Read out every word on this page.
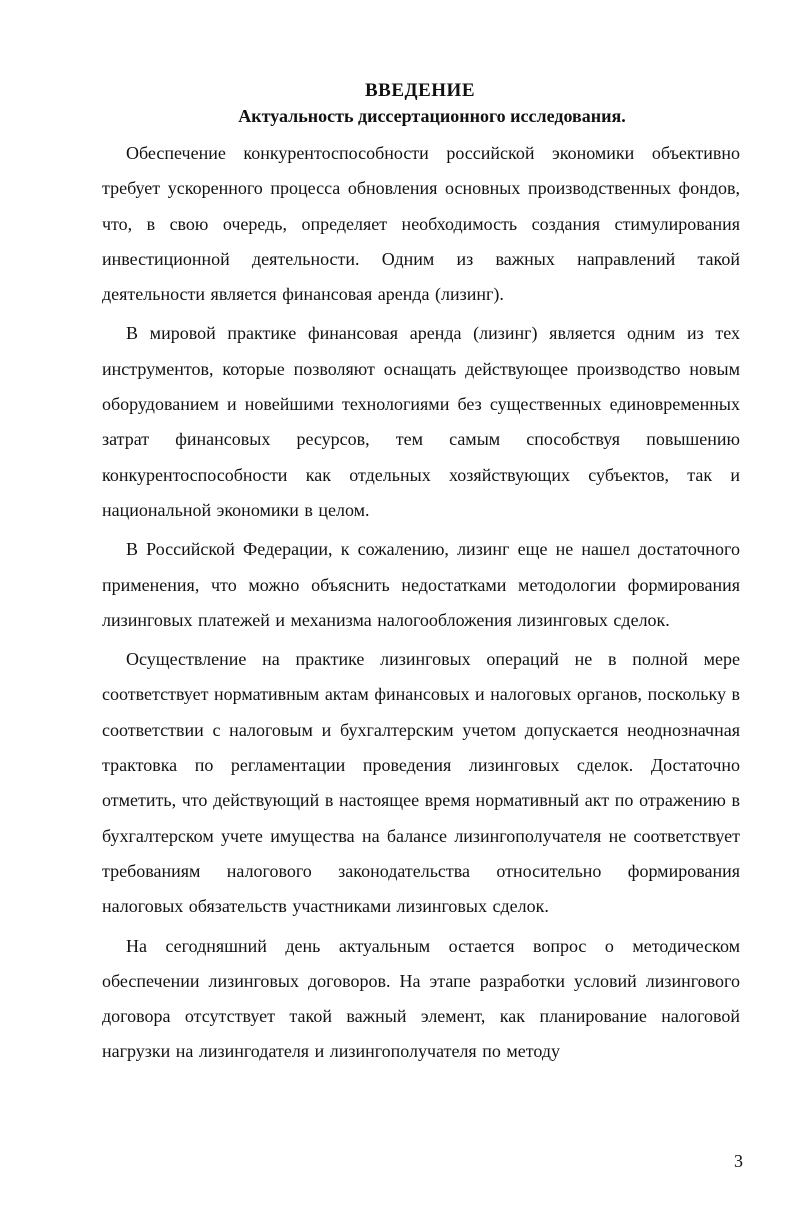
ВВЕДЕНИЕ
Актуальность диссертационного исследования.

Обеспечение конкурентоспособности российской экономики объективно требует ускоренного процесса обновления основных производственных фондов, что, в свою очередь, определяет необходимость создания стимулирования инвестиционной деятельности. Одним из важных направлений такой деятельности является финансовая аренда (лизинг).

В мировой практике финансовая аренда (лизинг) является одним из тех инструментов, которые позволяют оснащать действующее производство новым оборудованием и новейшими технологиями без существенных единовременных затрат финансовых ресурсов, тем самым способствуя повышению конкурентоспособности как отдельных хозяйствующих субъектов, так и национальной экономики в целом.

В Российской Федерации, к сожалению, лизинг еще не нашел достаточного применения, что можно объяснить недостатками методологии формирования лизинговых платежей и механизма налогообложения лизинговых сделок.

Осуществление на практике лизинговых операций не в полной мере соответствует нормативным актам финансовых и налоговых органов, поскольку в соответствии с налоговым и бухгалтерским учетом допускается неоднозначная трактовка по регламентации проведения лизинговых сделок. Достаточно отметить, что действующий в настоящее время нормативный акт по отражению в бухгалтерском учете имущества на балансе лизингополучателя не соответствует требованиям налогового законодательства относительно формирования налоговых обязательств участниками лизинговых сделок.

На сегодняшний день актуальным остается вопрос о методическом обеспечении лизинговых договоров. На этапе разработки условий лизингового договора отсутствует такой важный элемент, как планирование налоговой нагрузки на лизингодателя и лизингополучателя по методу

3
